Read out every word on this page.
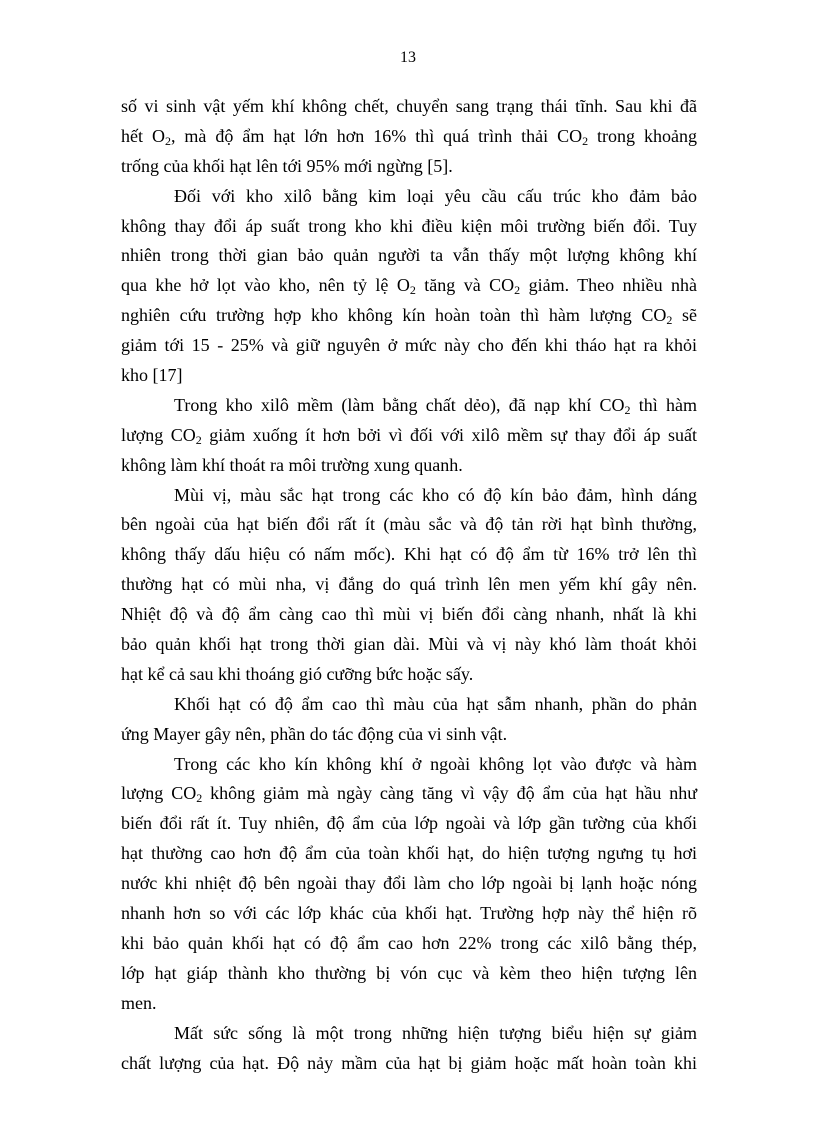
13
số vi sinh vật yếm khí không chết, chuyển sang trạng thái tĩnh. Sau khi đã
hết $O_2$, mà độ ẩm hạt lớn hơn 16% thì quá trình thải $CO_2$ trong khoảng
trống của khối hạt lên tới 95% mới ngừng [5].
Đối với kho xilô bằng kim loại yêu cầu cấu trúc kho đảm bảo
không thay đổi áp suất trong kho khi điều kiện môi trường biến đổi. Tuy
nhiên trong thời gian bảo quản người ta vẫn thấy một lượng không khí
qua khe hở lọt vào kho, nên tỷ lệ $O_2$ tăng và $CO_2$ giảm. Theo nhiều nhà
nghiên cứu trường hợp kho không kín hoàn toàn thì hàm lượng $CO_2$ sẽ
giảm tới 15 - 25% và giữ nguyên ở mức này cho đến khi tháo hạt ra khỏi
kho [17]
Trong kho xilô mềm (làm bằng chất dẻo), đã nạp khí $CO_2$ thì hàm
lượng $CO_2$ giảm xuống ít hơn bởi vì đối với xilô mềm sự thay đổi áp suất
không làm khí thoát ra môi trường xung quanh.
Mùi vị, màu sắc hạt trong các kho có độ kín bảo đảm, hình dáng
bên ngoài của hạt biến đổi rất ít (màu sắc và độ tản rời hạt bình thường,
không thấy dấu hiệu có nấm mốc). Khi hạt có độ ẩm từ 16% trở lên thì
thường hạt có mùi nha, vị đắng do quá trình lên men yếm khí gây nên.
Nhiệt độ và độ ẩm càng cao thì mùi vị biến đổi càng nhanh, nhất là khi
bảo quản khối hạt trong thời gian dài. Mùi và vị này khó làm thoát khỏi
hạt kể cả sau khi thoáng gió cưỡng bức hoặc sấy.
Khối hạt có độ ẩm cao thì màu của hạt sẫm nhanh, phần do phản
ứng Mayer gây nên, phần do tác động của vi sinh vật.
Trong các kho kín không khí ở ngoài không lọt vào được và hàm
lượng $CO_2$ không giảm mà ngày càng tăng vì vậy độ ẩm của hạt hầu như
biến đổi rất ít. Tuy nhiên, độ ẩm của lớp ngoài và lớp gần tường của khối
hạt thường cao hơn độ ẩm của toàn khối hạt, do hiện tượng ngưng tụ hơi
nước khi nhiệt độ bên ngoài thay đổi làm cho lớp ngoài bị lạnh hoặc nóng
nhanh hơn so với các lớp khác của khối hạt. Trường hợp này thể hiện rõ
khi bảo quản khối hạt có độ ẩm cao hơn 22% trong các xilô bằng thép,
lớp hạt giáp thành kho thường bị vón cục và kèm theo hiện tượng lên
men.
Mất sức sống là một trong những hiện tượng biểu hiện sự giảm
chất lượng của hạt. Độ nảy mầm của hạt bị giảm hoặc mất hoàn toàn khi
